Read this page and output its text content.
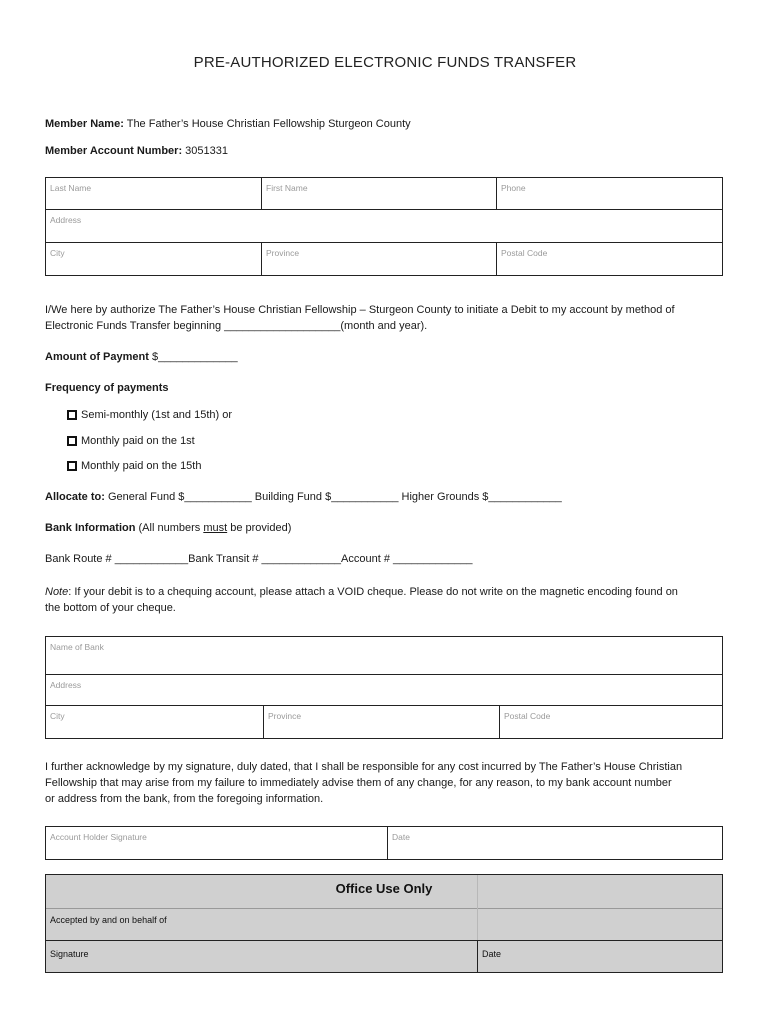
PRE-AUTHORIZED ELECTRONIC FUNDS TRANSFER
Member Name: The Father’s House Christian Fellowship Sturgeon County
Member Account Number: 3051331
Last Name	First Name	Phone
Address
City	Province	Postal Code
I/We here by authorize The Father’s House Christian Fellowship – Sturgeon County to initiate a Debit to my account by method of
Electronic Funds Transfer beginning ___________________(month and year).
Amount of Payment $_____________
Frequency of payments
Semi-monthly (1st and 15th) or
Monthly paid on the 1st
Monthly paid on the 15th
Allocate to: General Fund $___________ Building Fund $___________ Higher Grounds $____________
Bank Information (All numbers must be provided)
Bank Route # ____________Bank Transit # _____________Account # _____________
Note: If your debit is to a chequing account, please attach a VOID cheque. Please do not write on the magnetic encoding found on
the bottom of your cheque.
Name of Bank
Address
City	Province	Postal Code
I further acknowledge by my signature, duly dated, that I shall be responsible for any cost incurred by The Father’s House Christian
Fellowship that may arise from my failure to immediately advise them of any change, for any reason, to my bank account number
or address from the bank, from the foregoing information.
Account Holder Signature	Date
Office Use Only
Accepted by and on behalf of
Signature	Date
